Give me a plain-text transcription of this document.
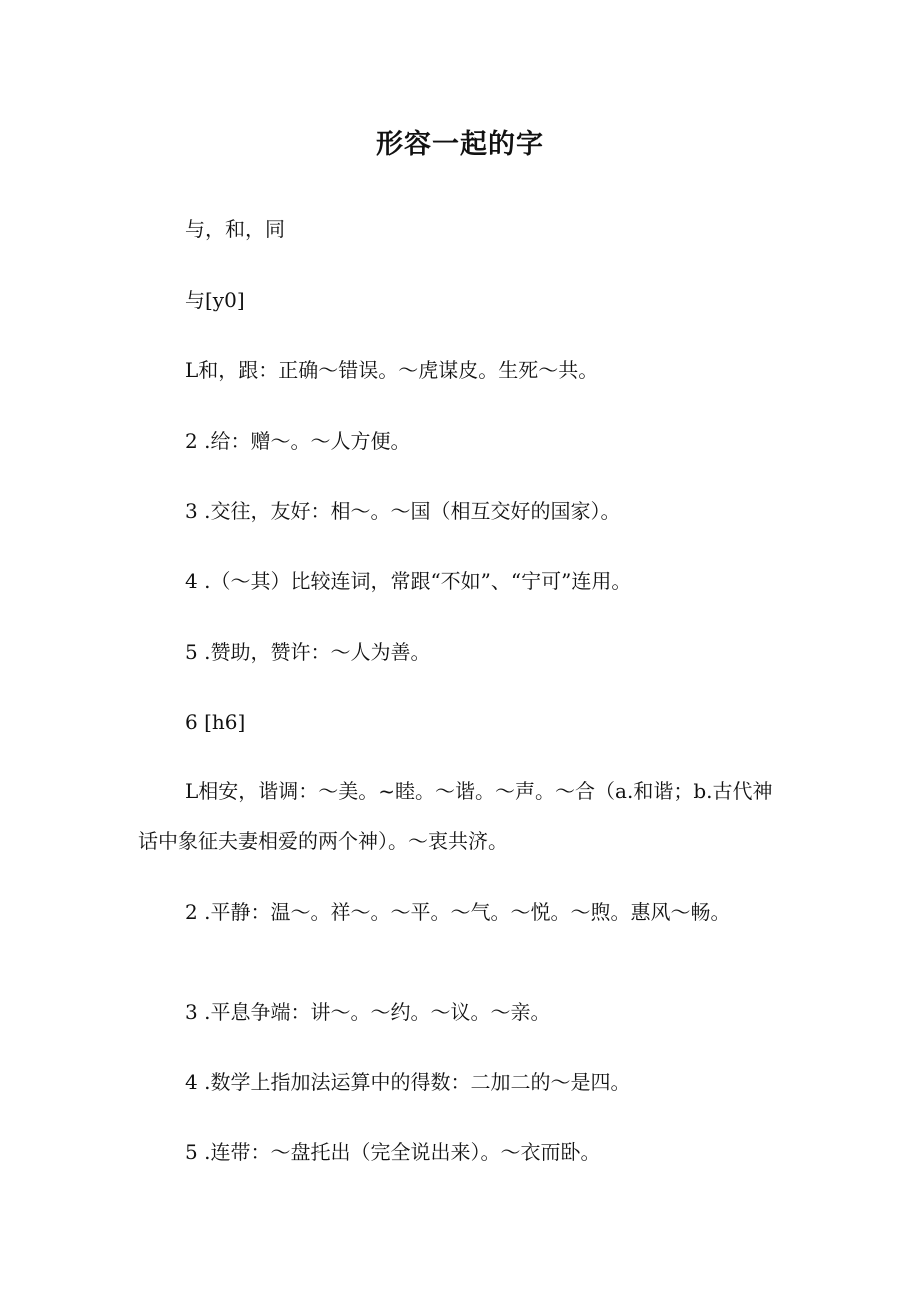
形容一起的字
与，和，同
与[y0]
L和，跟：正确～错误。～虎谋皮。生死～共。
2 .给：赠～。～人方便。
3 .交往，友好：相～。～国（相互交好的国家）。
4 .（～其）比较连词，常跟“不如”、“宁可”连用。
5 .赞助，赞许：～人为善。
6 [h6]
L相安，谐调：～美。~睦。～谐。～声。～合（a.和谐；b.古代神话中象征夫妻相爱的两个神）。～衷共济。
2 .平静：温～。祥～。～平。～气。～悦。～煦。惠风～畅。
3 .平息争端：讲～。～约。～议。～亲。
4 .数学上指加法运算中的得数：二加二的～是四。
5 .连带：～盘托出（完全说出来）。～衣而卧。
